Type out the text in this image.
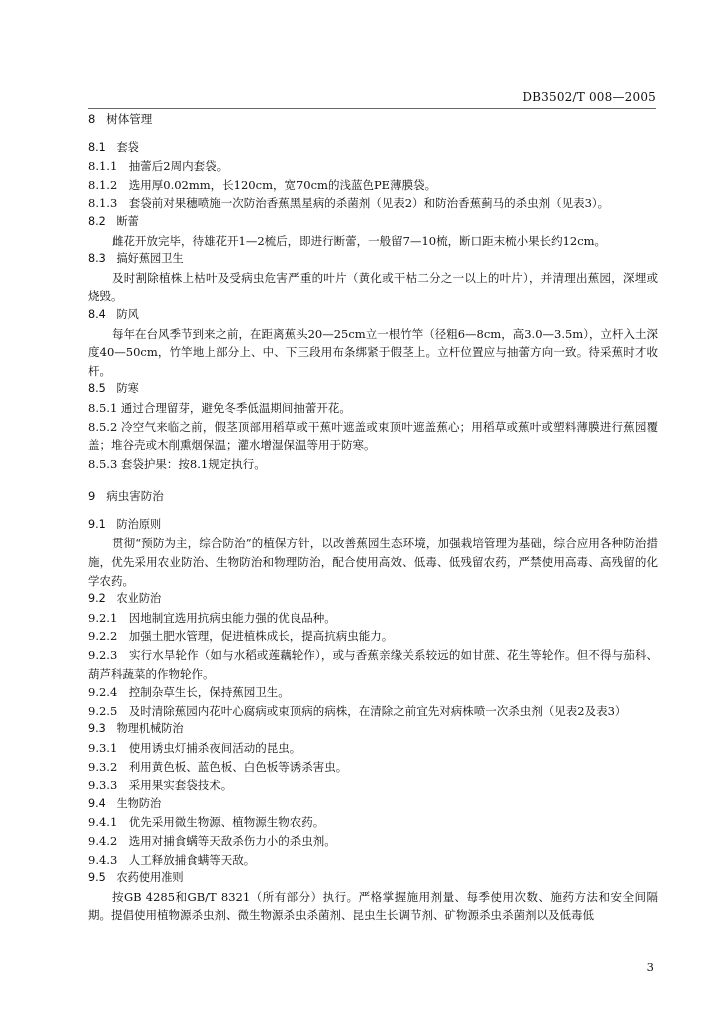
DB3502/T 008—2005
8 树体管理
8.1 套袋

8.1.1　抽蕾后2周内套袋。

8.1.2　选用厚0.02mm，长120cm，宽70cm的浅蓝色PE薄膜袋。

8.1.3　套袋前对果穗喷施一次防治香蕉黑星病的杀菌剂（见表2）和防治香蕉蓟马的杀虫剂（见表3）。

8.2 断蕾

雌花开放完毕，待雄花开1—2梳后，即进行断蕾，一般留7—10梳，断口距末梳小果长约12cm。

8.3 搞好蕉园卫生

及时割除植株上枯叶及受病虫危害严重的叶片（黄化或干枯二分之一以上的叶片），并清理出蕉园，深埋或烧毁。

8.4 防风

每年在台风季节到来之前，在距离蕉头20—25cm立一根竹竿（径粗6—8cm，高3.0—3.5m），立杆入土深度40—50cm，竹竿地上部分上、中、下三段用布条绑紧于假茎上。立杆位置应与抽蕾方向一致。待采蕉时才收杆。

8.5 防寒

8.5.1 通过合理留芽，避免冬季低温期间抽蕾开花。

8.5.2 冷空气来临之前，假茎顶部用稻草或干蕉叶遮盖或束顶叶遮盖蕉心；用稻草或蕉叶或塑料薄膜进行蕉园覆盖；堆谷壳或木削熏烟保温；灌水增湿保温等用于防寒。

8.5.3 套袋护果：按8.1规定执行。

9 病虫害防治
9.1 防治原则

贯彻“预防为主，综合防治”的植保方针，以改善蕉园生态环境，加强栽培管理为基础，综合应用各种防治措施，优先采用农业防治、生物防治和物理防治，配合使用高效、低毒、低残留农药，严禁使用高毒、高残留的化学农药。

9.2 农业防治

9.2.1　因地制宜选用抗病虫能力强的优良品种。

9.2.2　加强土肥水管理，促进植株成长，提高抗病虫能力。

9.2.3　实行水旱轮作（如与水稻或莲藕轮作），或与香蕉亲缘关系较远的如甘蔗、花生等轮作。但不得与茄科、葫芦科蔬菜的作物轮作。

9.2.4　控制杂草生长，保持蕉园卫生。

9.2.5　及时清除蕉园内花叶心腐病或束顶病的病株，在清除之前宜先对病株喷一次杀虫剂（见表2及表3）

9.3 物理机械防治

9.3.1　使用诱虫灯捕杀夜间活动的昆虫。

9.3.2　利用黄色板、蓝色板、白色板等诱杀害虫。

9.3.3　采用果实套袋技术。

9.4 生物防治

9.4.1　优先采用微生物源、植物源生物农药。

9.4.2　选用对捕食螨等天敌杀伤力小的杀虫剂。

9.4.3　人工释放捕食螨等天敌。

9.5 农药使用准则

按GB 4285和GB/T 8321（所有部分）执行。严格掌握施用剂量、每季使用次数、施药方法和安全间隔期。提倡使用植物源杀虫剂、微生物源杀虫杀菌剂、昆虫生长调节剂、矿物源杀虫杀菌剂以及低毒低

3
